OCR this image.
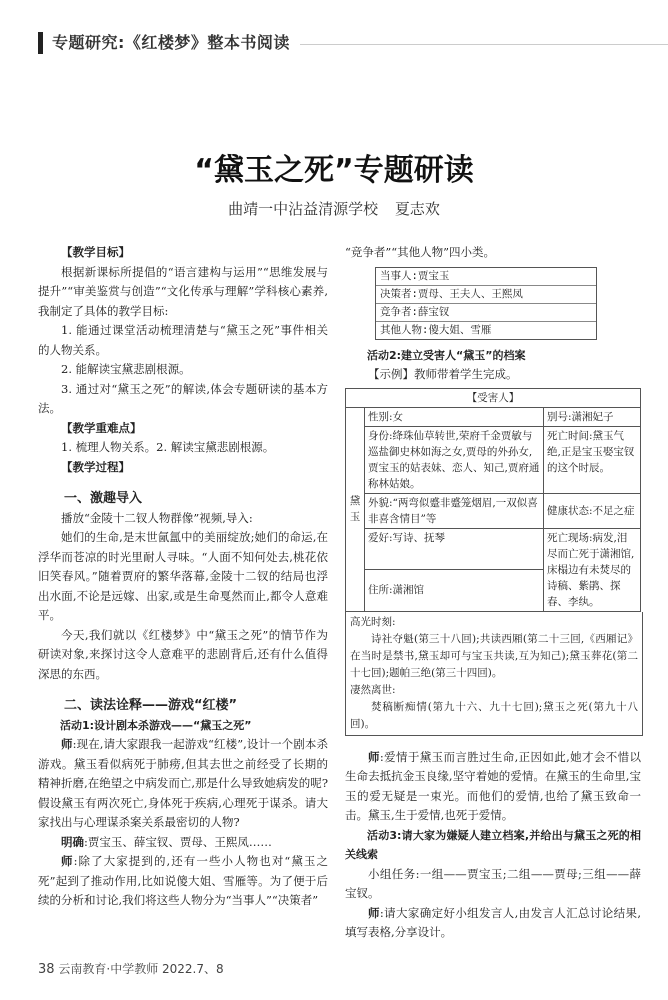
专题研究:《红楼梦》整本书阅读
“黛玉之死”专题研读
曲靖一中沾益清源学校 夏志欢

【教学目标】

根据新课标所提倡的“语言建构与运用”“思维发展与提升”“审美鉴赏与创造”“文化传承与理解”学科核心素养,我制定了具体的教学目标:

1. 能通过课堂活动梳理清楚与“黛玉之死”事件相关的人物关系。

2. 能解读宝黛悲剧根源。

3. 通过对“黛玉之死”的解读,体会专题研读的基本方法。

【教学重难点】

1. 梳理人物关系。2. 解读宝黛悲剧根源。

【教学过程】

一、激趣导入

播放“金陵十二钗人物群像”视频,导入:

她们的生命,是末世氤氲中的美丽绽放;她们的命运,在浮华而苍凉的时光里耐人寻味。“人面不知何处去,桃花依旧笑春风。”随着贾府的繁华落幕,金陵十二钗的结局也浮出水面,不论是远嫁、出家,或是生命戛然而止,都令人意难平。

今天,我们就以《红楼梦》中“黛玉之死”的情节作为研读对象,来探讨这令人意难平的悲剧背后,还有什么值得深思的东西。

二、读法诠释——游戏“红楼”

活动1:设计剧本杀游戏——“黛玉之死”

师:现在,请大家跟我一起游戏“红楼”,设计一个剧本杀游戏。黛玉看似病死于肺痨,但其去世之前经受了长期的精神折磨,在绝望之中病发而亡,那是什么导致她病发的呢?假设黛玉有两次死亡,身体死于疾病,心理死于谋杀。请大家找出与心理谋杀案关系最密切的人物?

明确:贾宝玉、薛宝钗、贾母、王熙凤……

师:除了大家提到的,还有一些小人物也对“黛玉之死”起到了推动作用,比如说傻大姐、雪雁等。为了便于后续的分析和讨论,我们将这些人物分为“当事人”“决策者”

“竞争者”“其他人物”四小类。

当事人:贾宝玉
决策者:贾母、王夫人、王熙凤
竞争者:薛宝钗
其他人物:傻大姐、雪雁

活动2:建立受害人“黛玉”的档案

【示例】教师带着学生完成。

【受害人】		
黛玉	性别:女	别号:潇湘妃子
	身份:绛珠仙草转世,荣府千金贾敏与巡盐御史林如海之女,贾母的外孙女,贾宝玉的姑表妹、恋人、知己,贾府通称林姑娘。	死亡时间:黛玉气绝,正是宝玉娶宝钗的这个时辰。
	外貌:“两弯似蹙非蹙笼烟眉,一双似喜非喜含情目”等	健康状态:不足之症
	爱好:写诗、抚琴	死亡现场:病发,泪尽而亡死于潇湘馆,床榻边有未焚尽的诗稿、紫鹃、探春、李纨。
	住所:潇湘馆	

高光时刻:

诗社夺魁(第三十八回);共读西厢(第二十三回,《西厢记》在当时是禁书,黛玉却可与宝玉共读,互为知己);黛玉葬花(第二十七回);题帕三绝(第三十四回)。

凄然离世:

焚稿断痴情(第九十六、九十七回);黛玉之死(第九十八回)。

师:爱情于黛玉而言胜过生命,正因如此,她才会不惜以生命去抵抗金玉良缘,坚守着她的爱情。在黛玉的生命里,宝玉的爱无疑是一束光。而他们的爱情,也给了黛玉致命一击。黛玉,生于爱情,也死于爱情。

活动3:请大家为嫌疑人建立档案,并给出与黛玉之死的相关线索

小组任务:一组——贾宝玉;二组——贾母;三组——薛宝钗。

师:请大家确定好小组发言人,由发言人汇总讨论结果,填写表格,分享设计。

38 云南教育·中学教师 2022.7、8
